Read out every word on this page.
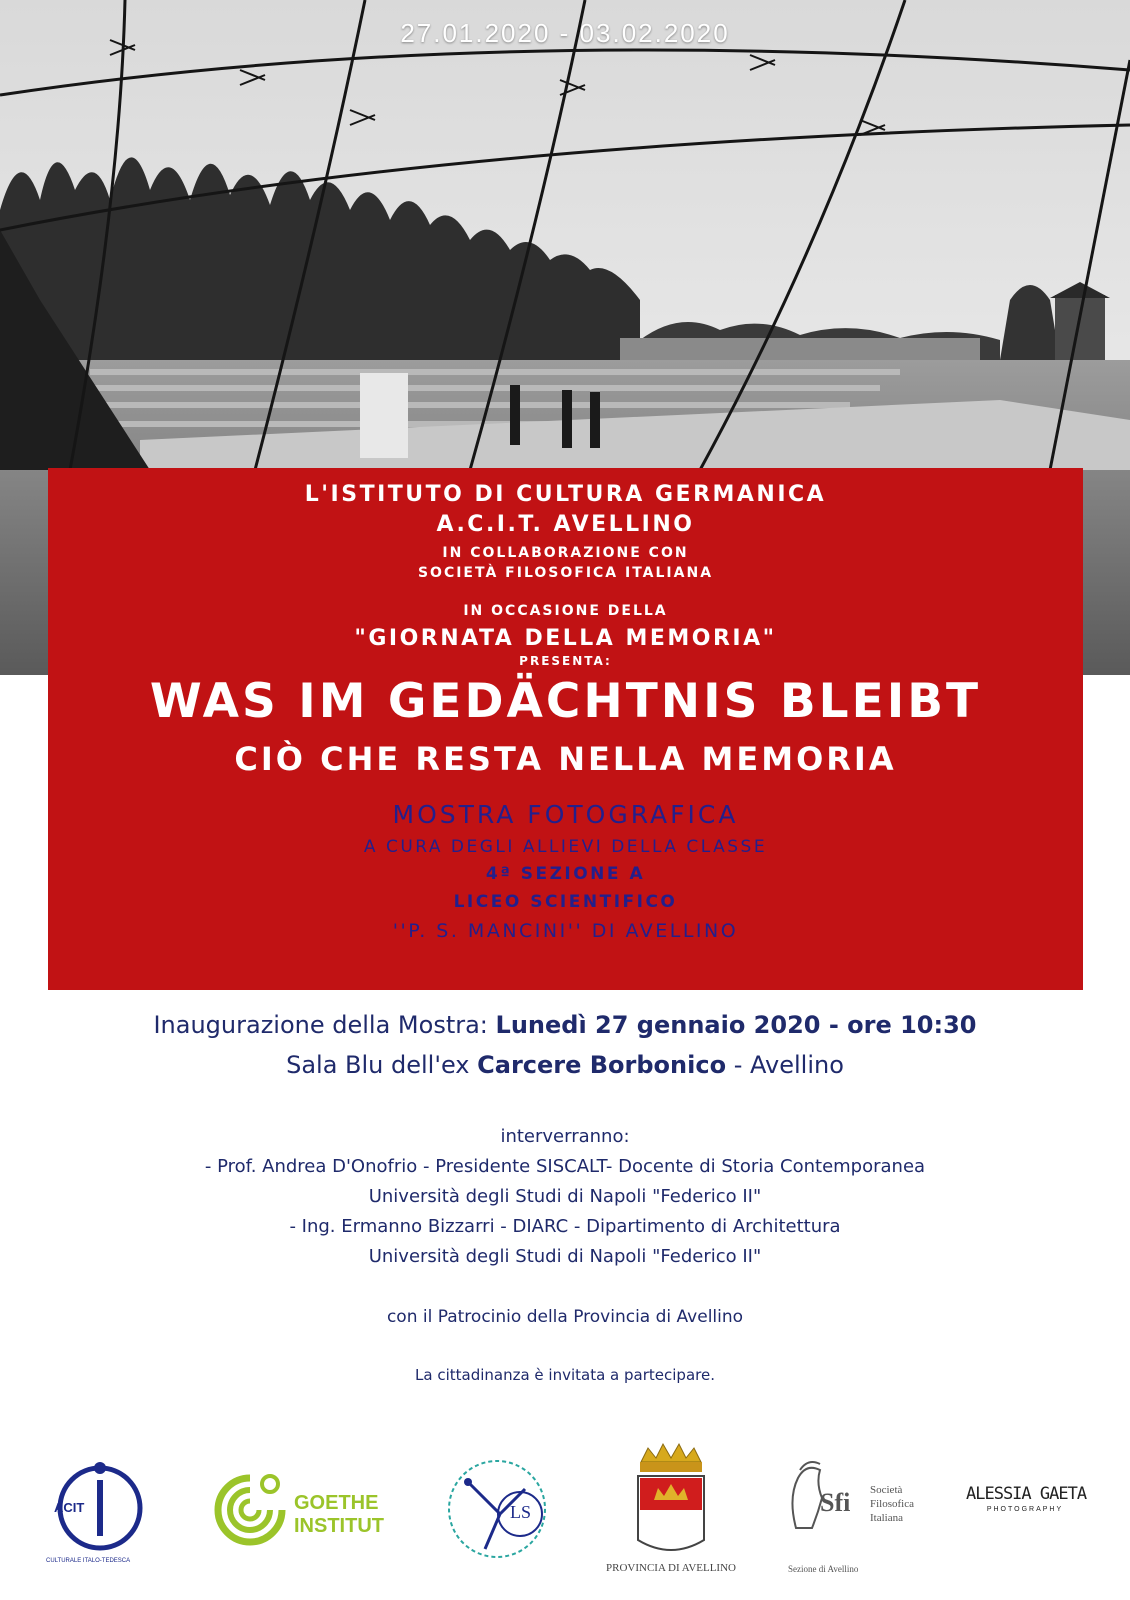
27.01.2020 - 03.02.2020
L'ISTITUTO DI CULTURA GERMANICA
A.C.I.T. AVELLINO
IN COLLABORAZIONE CON
SOCIETÀ FILOSOFICA ITALIANA
IN OCCASIONE DELLA
"GIORNATA DELLA MEMORIA"
PRESENTA:
WAS IM GEDÄCHTNIS BLEIBT
CIÒ CHE RESTA NELLA MEMORIA
MOSTRA FOTOGRAFICA
A CURA DEGLI ALLIEVI DELLA CLASSE
4ª SEZIONE A
LICEO SCIENTIFICO
''P. S. MANCINI'' DI AVELLINO
Inaugurazione della Mostra: Lunedì 27 gennaio 2020 - ore 10:30
Sala Blu dell'ex Carcere Borbonico - Avellino
interverranno:
- Prof. Andrea D'Onofrio - Presidente SISCALT- Docente di Storia Contemporanea
Università degli Studi di Napoli "Federico II"
- Ing. Ermanno Bizzarri - DIARC - Dipartimento di Architettura
Università degli Studi di Napoli "Federico II"
con il Patrocinio della Provincia di Avellino
La cittadinanza è invitata a partecipare.
ACIT
CULTURALE ITALO-TEDESCA
GOETHE
INSTITUT
LS
PROVINCIA DI AVELLINO
Sfi Società
Filosofica
Italiana
Sezione di Avellino
ALESSIA GAETA
PHOTOGRAPHY
